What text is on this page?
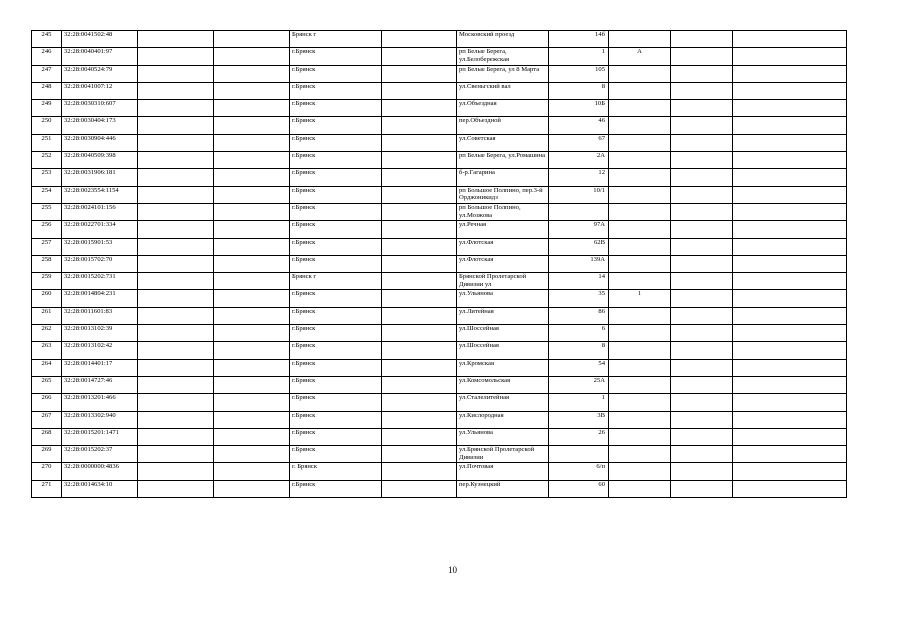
245	32:28:0041502:48			Брянск г		Московский проезд	14б			
246	32:28:0040401:97			г.Брянск		рп Белые Берега, ул.Белобережская	1	А		
247	32:28:0040524:79			г.Брянск		рп Белые Берега, ул 8 Марта	105			
248	32:28:0041007:12			г.Брянск		ул.Свеньгский вал	8			
249	32:28:0030310:607			г.Брянск		ул.Объездная	10Б			
250	32:28:0030404:173			г.Брянск		пер.Объездной	46			
251	32:28:0030904:446			г.Брянск		ул.Советская	67			
252	32:28:0040509:398			г.Брянск		рп Белые Берега, ул.Ромашина	2А			
253	32:28:0031906:181			г.Брянск		б-р.Гагарина	12			
254	32:28:0023554:1154			г.Брянск		рп Большое Полпино, пер.3-й Орджоникидз	10/1			
255	32:28:0024101:156			г.Брянск		рп Большое Полпино, ул.Мозжова				
256	32:28:0022701:334			г.Брянск		ул.Речная	97А			
257	32:28:0015901:53			г.Брянск		ул.Флотская	62В			
258	32:28:0015702:70			г.Брянск		ул.Флотская	139А			
259	32:28:0015202:731			Брянск г		Брянской Пролетарской Дивизии ул	14			
260	32:28:0014804:231			г.Брянск		ул.Ульянова	35	1		
261	32:28:0011601:83			г.Брянск		ул.Литейная	86			
262	32:28:0013102:39			г.Брянск		ул.Шоссейная	6			
263	32:28:0013102:42			г.Брянск		ул.Шоссейная	8			
264	32:28:0014401:17			г.Брянск		ул.Кромская	54			
265	32:28:0014727:46			г.Брянск		ул.Комсомольская	25А			
266	32:28:0013201:466			г.Брянск		ул.Сталелитейная	1			
267	32:28:0013302:940			г.Брянск		ул.Кислородная	3В			
268	32:28:0015201:1471			г.Брянск		ул.Ульянова	26			
269	32:28:0015202:37			г.Брянск		ул.Брянской Пролетарской Дивизии				
270	32:28:0000000:4836			г. Брянск		ул.Почтовая	6/п			
271	32:28:0014634:10			г.Брянск		пер.Кузнецкий	60			
10
